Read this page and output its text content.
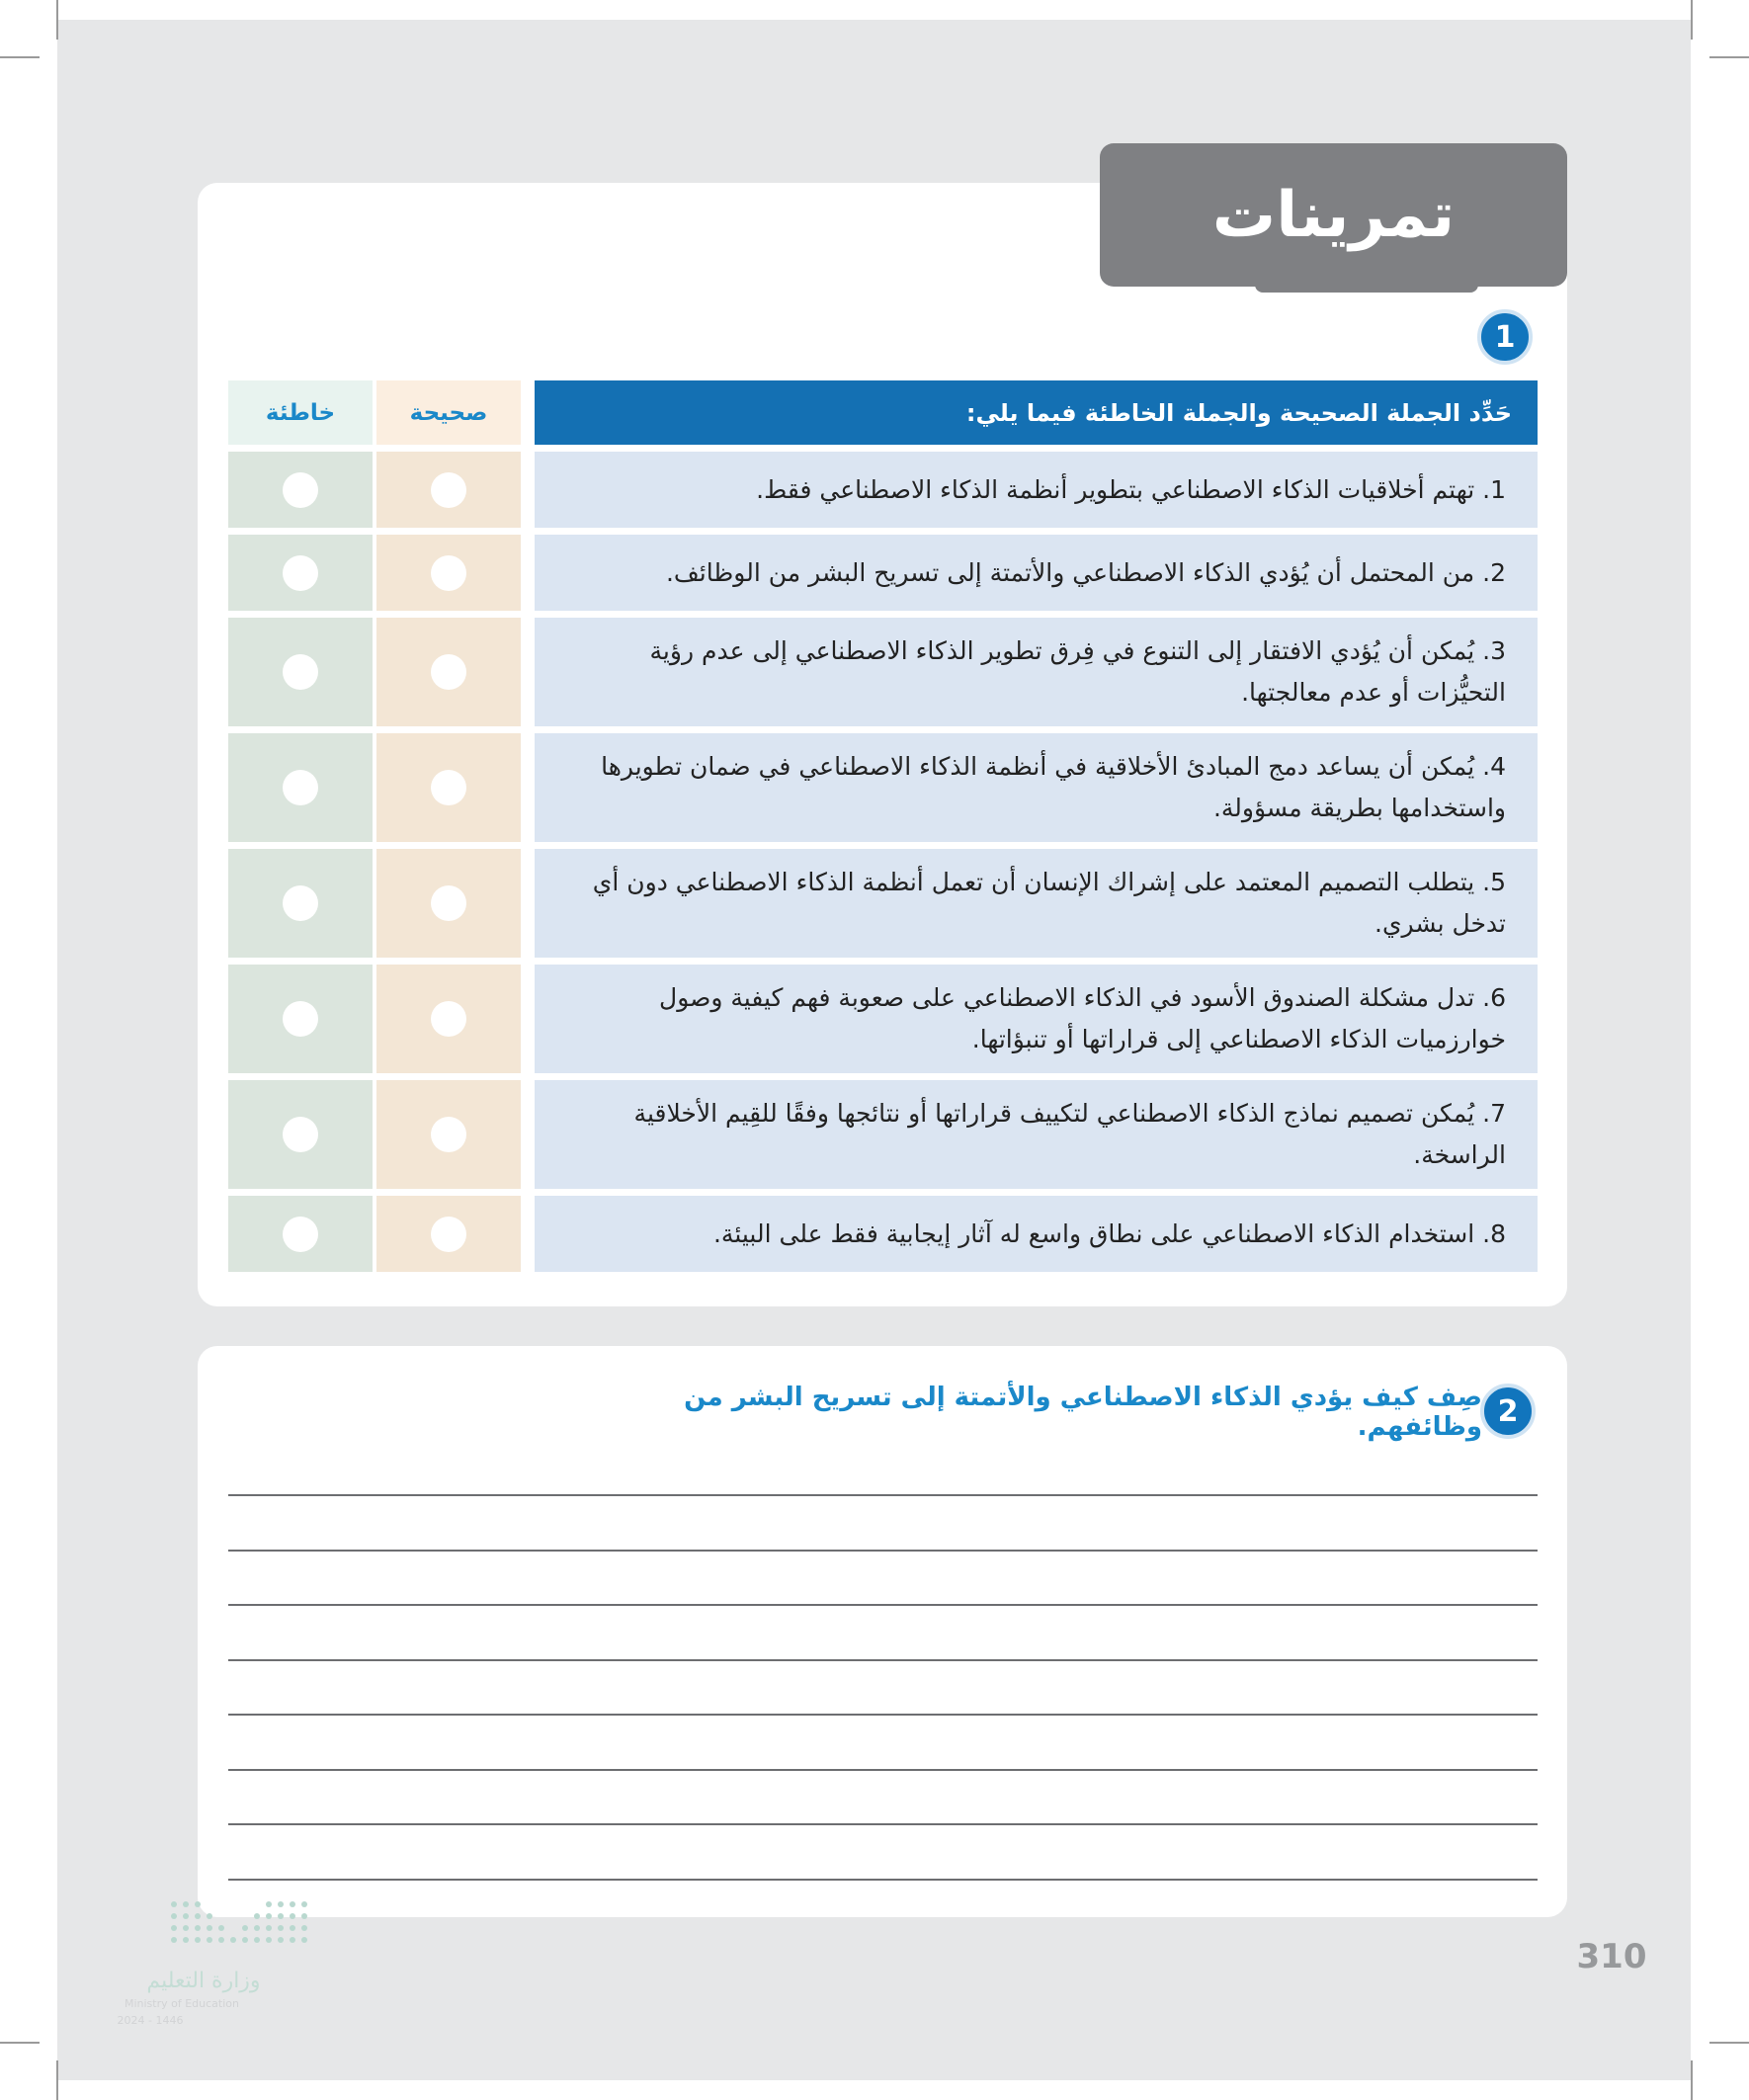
تمرينات
1
حَدِّد الجملة الصحيحة والجملة الخاطئة فيما يلي:
صحيحة
خاطئة
1. تهتم أخلاقيات الذكاء الاصطناعي بتطوير أنظمة الذكاء الاصطناعي فقط.
2. من المحتمل أن يُؤدي الذكاء الاصطناعي والأتمتة إلى تسريح البشر من الوظائف.
3. يُمكن أن يُؤدي الافتقار إلى التنوع في فِرق تطوير الذكاء الاصطناعي إلى عدم رؤية التحيُّزات أو عدم معالجتها.
4. يُمكن أن يساعد دمج المبادئ الأخلاقية في أنظمة الذكاء الاصطناعي في ضمان تطويرها واستخدامها بطريقة مسؤولة.
5. يتطلب التصميم المعتمد على إشراك الإنسان أن تعمل أنظمة الذكاء الاصطناعي دون أي تدخل بشري.
6. تدل مشكلة الصندوق الأسود في الذكاء الاصطناعي على صعوبة فهم كيفية وصول خوارزميات الذكاء الاصطناعي إلى قراراتها أو تنبؤاتها.
7. يُمكن تصميم نماذج الذكاء الاصطناعي لتكييف قراراتها أو نتائجها وفقًا للقِيم الأخلاقية الراسخة.
8. استخدام الذكاء الاصطناعي على نطاق واسع له آثار إيجابية فقط على البيئة.
2
صِف كيف يؤدي الذكاء الاصطناعي والأتمتة إلى تسريح البشر من وظائفهم.
310
وزارة التعليم
Ministry of Education
2024 - 1446
